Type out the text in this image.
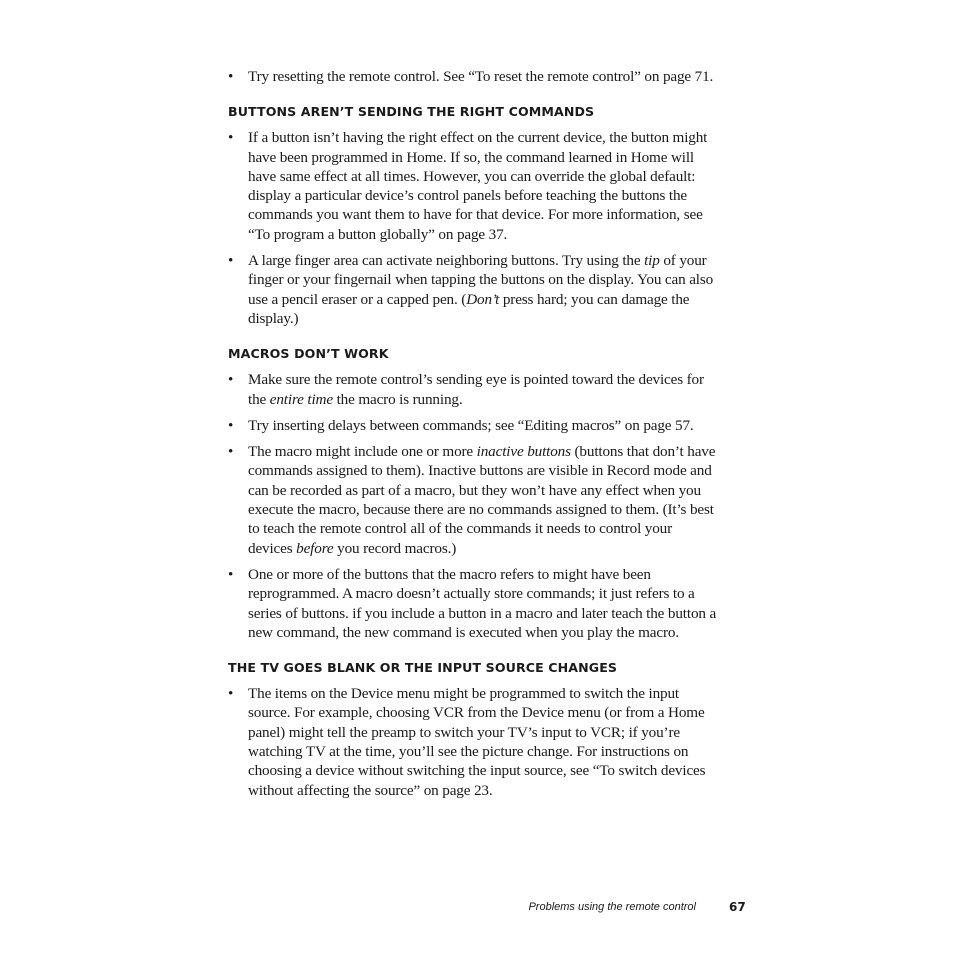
• Try resetting the remote control. See “To reset the remote control” on page 71.
BUTTONS AREN’T SENDING THE RIGHT COMMANDS
• If a button isn’t having the right effect on the current device, the button might have been programmed in Home. If so, the command learned in Home will have same effect at all times. However, you can override the global default: display a particular device’s control panels before teaching the buttons the commands you want them to have for that device. For more information, see “To program a button globally” on page 37.
• A large finger area can activate neighboring buttons. Try using the tip of your finger or your fingernail when tapping the buttons on the display. You can also use a pencil eraser or a capped pen. (Don’t press hard; you can damage the display.)
MACROS DON’T WORK
• Make sure the remote control’s sending eye is pointed toward the devices for the entire time the macro is running.
• Try inserting delays between commands; see “Editing macros” on page 57.
• The macro might include one or more inactive buttons (buttons that don’t have commands assigned to them). Inactive buttons are visible in Record mode and can be recorded as part of a macro, but they won’t have any effect when you execute the macro, because there are no commands assigned to them. (It’s best to teach the remote control all of the commands it needs to control your devices before you record macros.)
• One or more of the buttons that the macro refers to might have been reprogrammed. A macro doesn’t actually store commands; it just refers to a series of buttons. if you include a button in a macro and later teach the button a new command, the new command is executed when you play the macro.
THE TV GOES BLANK OR THE INPUT SOURCE CHANGES
• The items on the Device menu might be programmed to switch the input source. For example, choosing VCR from the Device menu (or from a Home panel) might tell the preamp to switch your TV’s input to VCR; if you’re watching TV at the time, you’ll see the picture change. For instructions on choosing a device without switching the input source, see “To switch devices without affecting the source” on page 23.
Problems using the remote control	67
